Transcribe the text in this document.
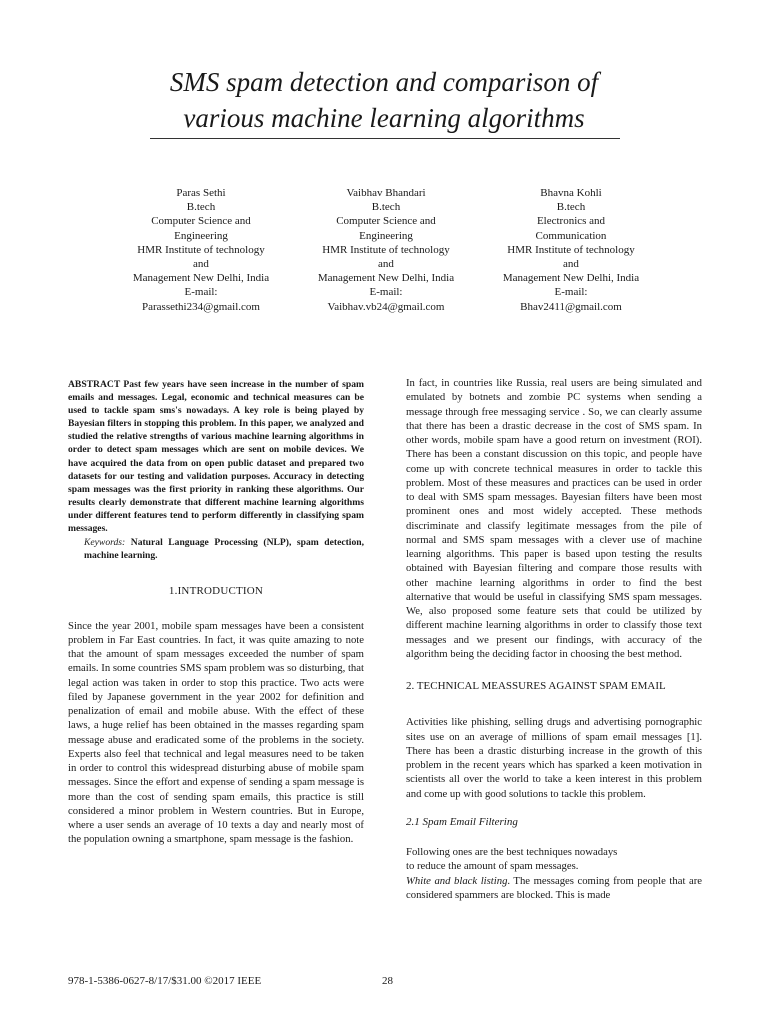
SMS spam detection and comparison of
various machine learning algorithms
Paras Sethi
B.tech
Computer Science and
Engineering
HMR Institute of technology
and
Management New Delhi, India
E-mail:
Parassethi234@gmail.com
Vaibhav Bhandari
B.tech
Computer Science and
Engineering
HMR Institute of technology
and
Management New Delhi, India
E-mail:
Vaibhav.vb24@gmail.com
Bhavna Kohli
B.tech
Electronics and
Communication
HMR Institute of technology
and
Management New Delhi, India
E-mail:
Bhav2411@gmail.com

ABSTRACT Past few years have seen increase in the number of spam emails and messages. Legal, economic and technical measures can be used to tackle spam sms's nowadays. A key role is being played by Bayesian filters in stopping this problem. In this paper, we analyzed and studied the relative strengths of various machine learning algorithms in order to detect spam messages which are sent on mobile devices. We have acquired the data from on open public dataset and prepared two datasets for our testing and validation purposes. Accuracy in detecting spam messages was the first priority in ranking these algorithms. Our results clearly demonstrate that different machine learning algorithms under different features tend to perform differently in classifying spam messages.

Keywords: Natural Language Processing (NLP), spam detection, machine learning.

1.INTRODUCTION

Since the year 2001, mobile spam messages have been a consistent problem in Far East countries. In fact, it was quite amazing to note that the amount of spam messages exceeded the number of spam emails. In some countries SMS spam problem was so disturbing, that legal action was taken in order to stop this practice. Two acts were filed by Japanese government in the year 2002 for definition and penalization of email and mobile abuse. With the effect of these laws, a huge relief has been obtained in the masses regarding spam message abuse and eradicated some of the problems in the society. Experts also feel that technical and legal measures need to be taken in order to control this widespread disturbing abuse of mobile spam messages. Since the effort and expense of sending a spam message is more than the cost of sending spam emails, this practice is still considered a minor problem in Western countries. But in Europe, where a user sends an average of 10 texts a day and nearly most of the population owning a smartphone, spam message is the fashion.

In fact, in countries like Russia, real users are being simulated and emulated by botnets and zombie PC systems when sending a message through free messaging service . So, we can clearly assume that there has been a drastic decrease in the cost of SMS spam. In other words, mobile spam have a good return on investment (ROI). There has been a constant discussion on this topic, and people have come up with concrete technical measures in order to tackle this problem. Most of these measures and practices can be used in order to deal with SMS spam messages. Bayesian filters have been most prominent ones and most widely accepted. These methods discriminate and classify legitimate messages from the pile of normal and SMS spam messages with a clever use of machine learning algorithms. This paper is based upon testing the results obtained with Bayesian filtering and compare those results with other machine learning algorithms in order to find the best alternative that would be useful in classifying SMS spam messages. We, also proposed some feature sets that could be utilized by different machine learning algorithms in order to classify those text messages and we present our findings, with accuracy of the algorithm being the deciding factor in choosing the best method.

2. TECHNICAL MEASSURES AGAINST SPAM EMAIL

Activities like phishing, selling drugs and advertising pornographic sites use on an average of millions of spam email messages [1]. There has been a drastic disturbing increase in the growth of this problem in the recent years which has sparked a keen motivation in scientists all over the world to take a keen interest in this problem and come up with good solutions to tackle this problem.

2.1 Spam Email Filtering

Following ones are the best techniques nowadays
to reduce the amount of spam messages.

White and black listing. The messages coming from people that are considered spammers are blocked. This is made

978-1-5386-0627-8/17/$31.00 ©2017 IEEE	28
